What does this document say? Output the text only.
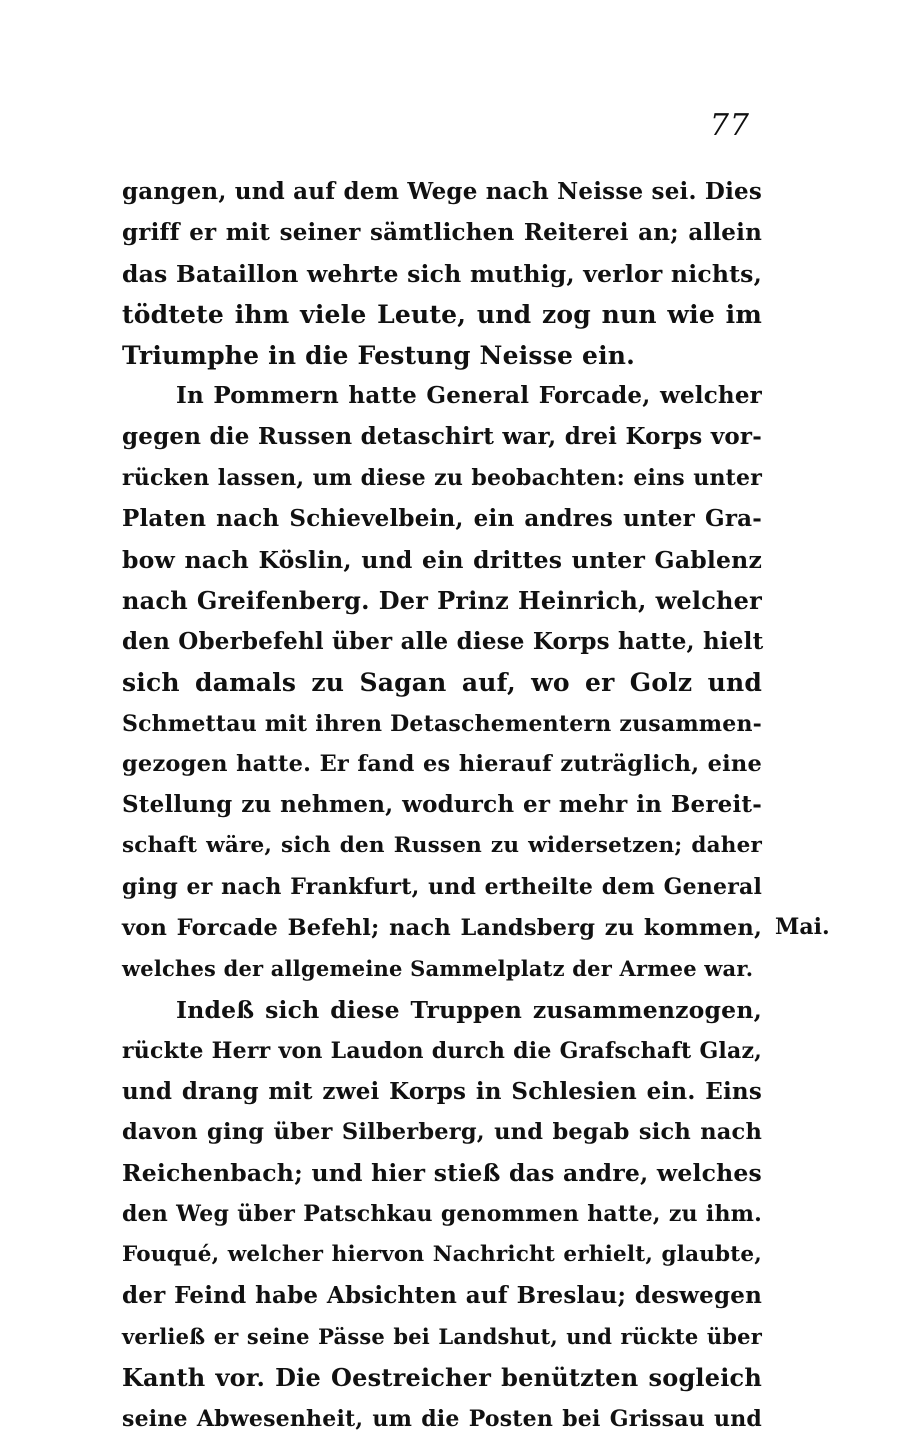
77
gangen, und auf dem Wege nach Neisse sei. Dies
griff er mit seiner sämtlichen Reiterei an; allein
das Bataillon wehrte sich muthig, verlor nichts,
tödtete ihm viele Leute, und zog nun wie im
Triumphe in die Festung Neisse ein.
In Pommern hatte General Forcade, welcher
gegen die Russen detaschirt war, drei Korps vor-
rücken lassen, um diese zu beobachten: eins unter
Platen nach Schievelbein, ein andres unter Gra-
bow nach Köslin, und ein drittes unter Gablenz
nach Greifenberg. Der Prinz Heinrich, welcher
den Oberbefehl über alle diese Korps hatte, hielt
sich damals zu Sagan auf, wo er Golz und
Schmettau mit ihren Detaschementern zusammen-
gezogen hatte. Er fand es hierauf zuträglich, eine
Stellung zu nehmen, wodurch er mehr in Bereit-
schaft wäre, sich den Russen zu widersetzen; daher
ging er nach Frankfurt, und ertheilte dem General
von Forcade Befehl; nach Landsberg zu kommen,
welches der allgemeine Sammelplatz der Armee war.
Indeß sich diese Truppen zusammenzogen,
rückte Herr von Laudon durch die Grafschaft Glaz,
und drang mit zwei Korps in Schlesien ein. Eins
davon ging über Silberberg, und begab sich nach
Reichenbach; und hier stieß das andre, welches
den Weg über Patschkau genommen hatte, zu ihm.
Fouqué, welcher hiervon Nachricht erhielt, glaubte,
der Feind habe Absichten auf Breslau; deswegen
verließ er seine Pässe bei Landshut, und rückte über
Kanth vor. Die Oestreicher benützten sogleich
seine Abwesenheit, um die Posten bei Grissau und
Mai.
